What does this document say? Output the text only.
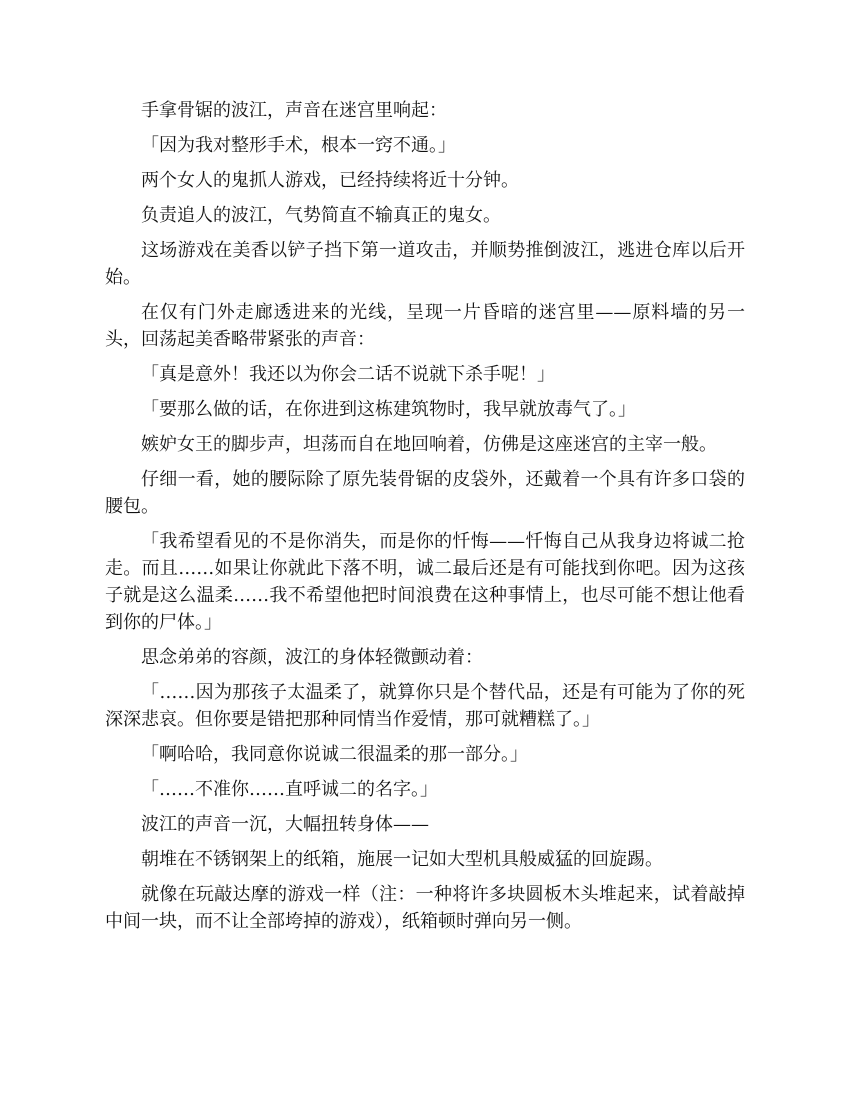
手拿骨锯的波江，声音在迷宫里响起：

「因为我对整形手术，根本一窍不通。」

两个女人的鬼抓人游戏，已经持续将近十分钟。

负责追人的波江，气势简直不输真正的鬼女。

这场游戏在美香以铲子挡下第一道攻击，并顺势推倒波江，逃进仓库以后开始。

在仅有门外走廊透进来的光线，呈现一片昏暗的迷宫里——原料墙的另一头，回荡起美香略带紧张的声音：

「真是意外！我还以为你会二话不说就下杀手呢！」

「要那么做的话，在你进到这栋建筑物时，我早就放毒气了。」

嫉妒女王的脚步声，坦荡而自在地回响着，仿佛是这座迷宫的主宰一般。

仔细一看，她的腰际除了原先装骨锯的皮袋外，还戴着一个具有许多口袋的腰包。

「我希望看见的不是你消失，而是你的忏悔——忏悔自己从我身边将诚二抢走。而且……如果让你就此下落不明，诚二最后还是有可能找到你吧。因为这孩子就是这么温柔……我不希望他把时间浪费在这种事情上，也尽可能不想让他看到你的尸体。」

思念弟弟的容颜，波江的身体轻微颤动着：

「……因为那孩子太温柔了，就算你只是个替代品，还是有可能为了你的死深深悲哀。但你要是错把那种同情当作爱情，那可就糟糕了。」

「啊哈哈，我同意你说诚二很温柔的那一部分。」

「……不准你……直呼诚二的名字。」

波江的声音一沉，大幅扭转身体——

朝堆在不锈钢架上的纸箱，施展一记如大型机具般威猛的回旋踢。

就像在玩敲达摩的游戏一样（注：一种将许多块圆板木头堆起来，试着敲掉中间一块，而不让全部垮掉的游戏），纸箱顿时弹向另一侧。
